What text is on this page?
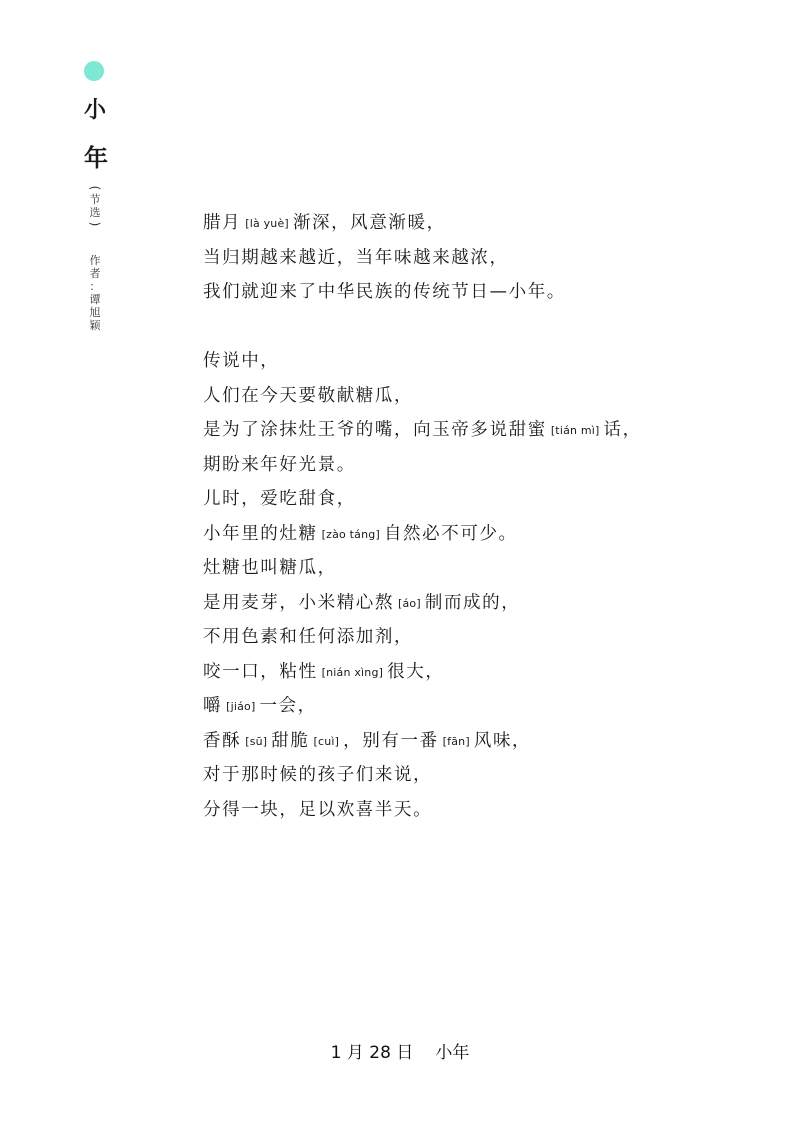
小
年
(
节
选
)
作
者
：
谭
旭
颖
腊月 [là yuè] 渐深，风意渐暖，
当归期越来越近，当年味越来越浓，
我们就迎来了中华民族的传统节日—小年。
传说中，
人们在今天要敬献糖瓜，
是为了涂抹灶王爷的嘴，向玉帝多说甜蜜 [tián mì] 话，
期盼来年好光景。
儿时，爱吃甜食，
小年里的灶糖 [zào táng] 自然必不可少。
灶糖也叫糖瓜，
是用麦芽，小米精心熬 [áo] 制而成的，
不用色素和任何添加剂，
咬一口，粘性 [nián xìng] 很大，
嚼 [jiáo] 一会，
香酥 [sū] 甜脆 [cuì] ，别有一番 [fān] 风味，
对于那时候的孩子们来说，
分得一块，足以欢喜半天。
1 月 28 日 小年
